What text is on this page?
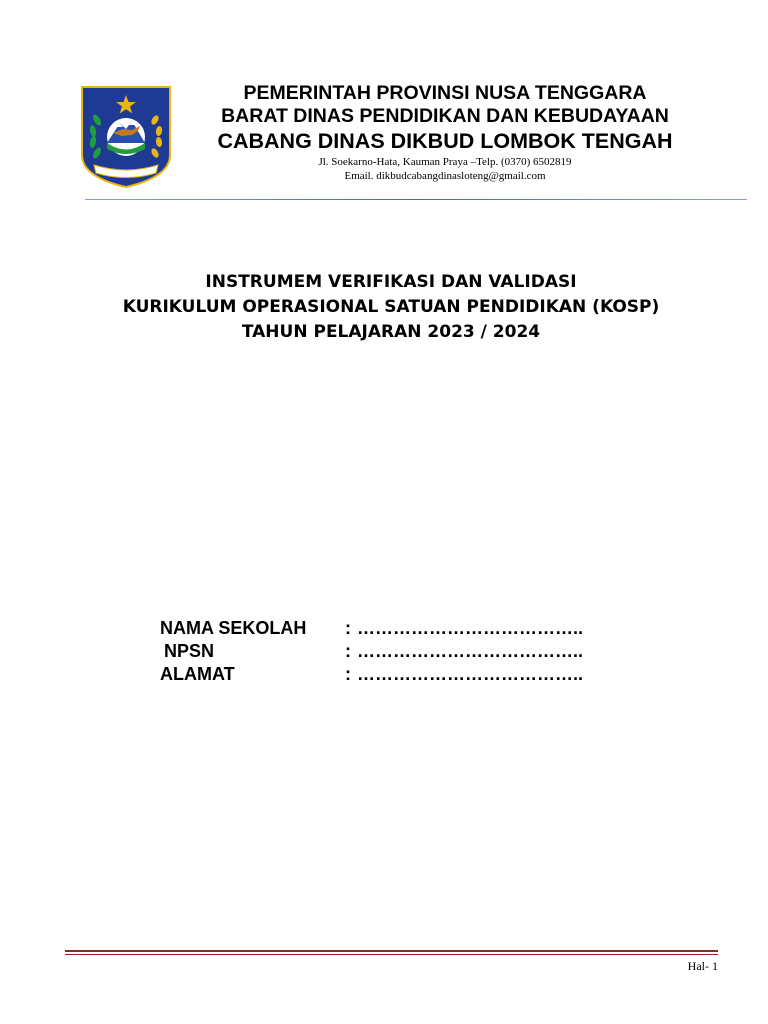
PEMERINTAH PROVINSI NUSA TENGGARA
BARAT DINAS PENDIDIKAN DAN KEBUDAYAAN
CABANG DINAS DIKBUD LOMBOK TENGAH
Jl. Soekarno-Hata, Kauman Praya –Telp. (0370) 6502819
Email. dikbudcabangdinasloteng@gmail.com
INSTRUMEM VERIFIKASI DAN VALIDASI
KURIKULUM OPERASIONAL SATUAN PENDIDIKAN (KOSP)
TAHUN PELAJARAN 2023 / 2024
NAMA SEKOLAH : ………………………………..
NPSN	: ………………………………..
ALAMAT	: ………………………………..
Hal- 1
